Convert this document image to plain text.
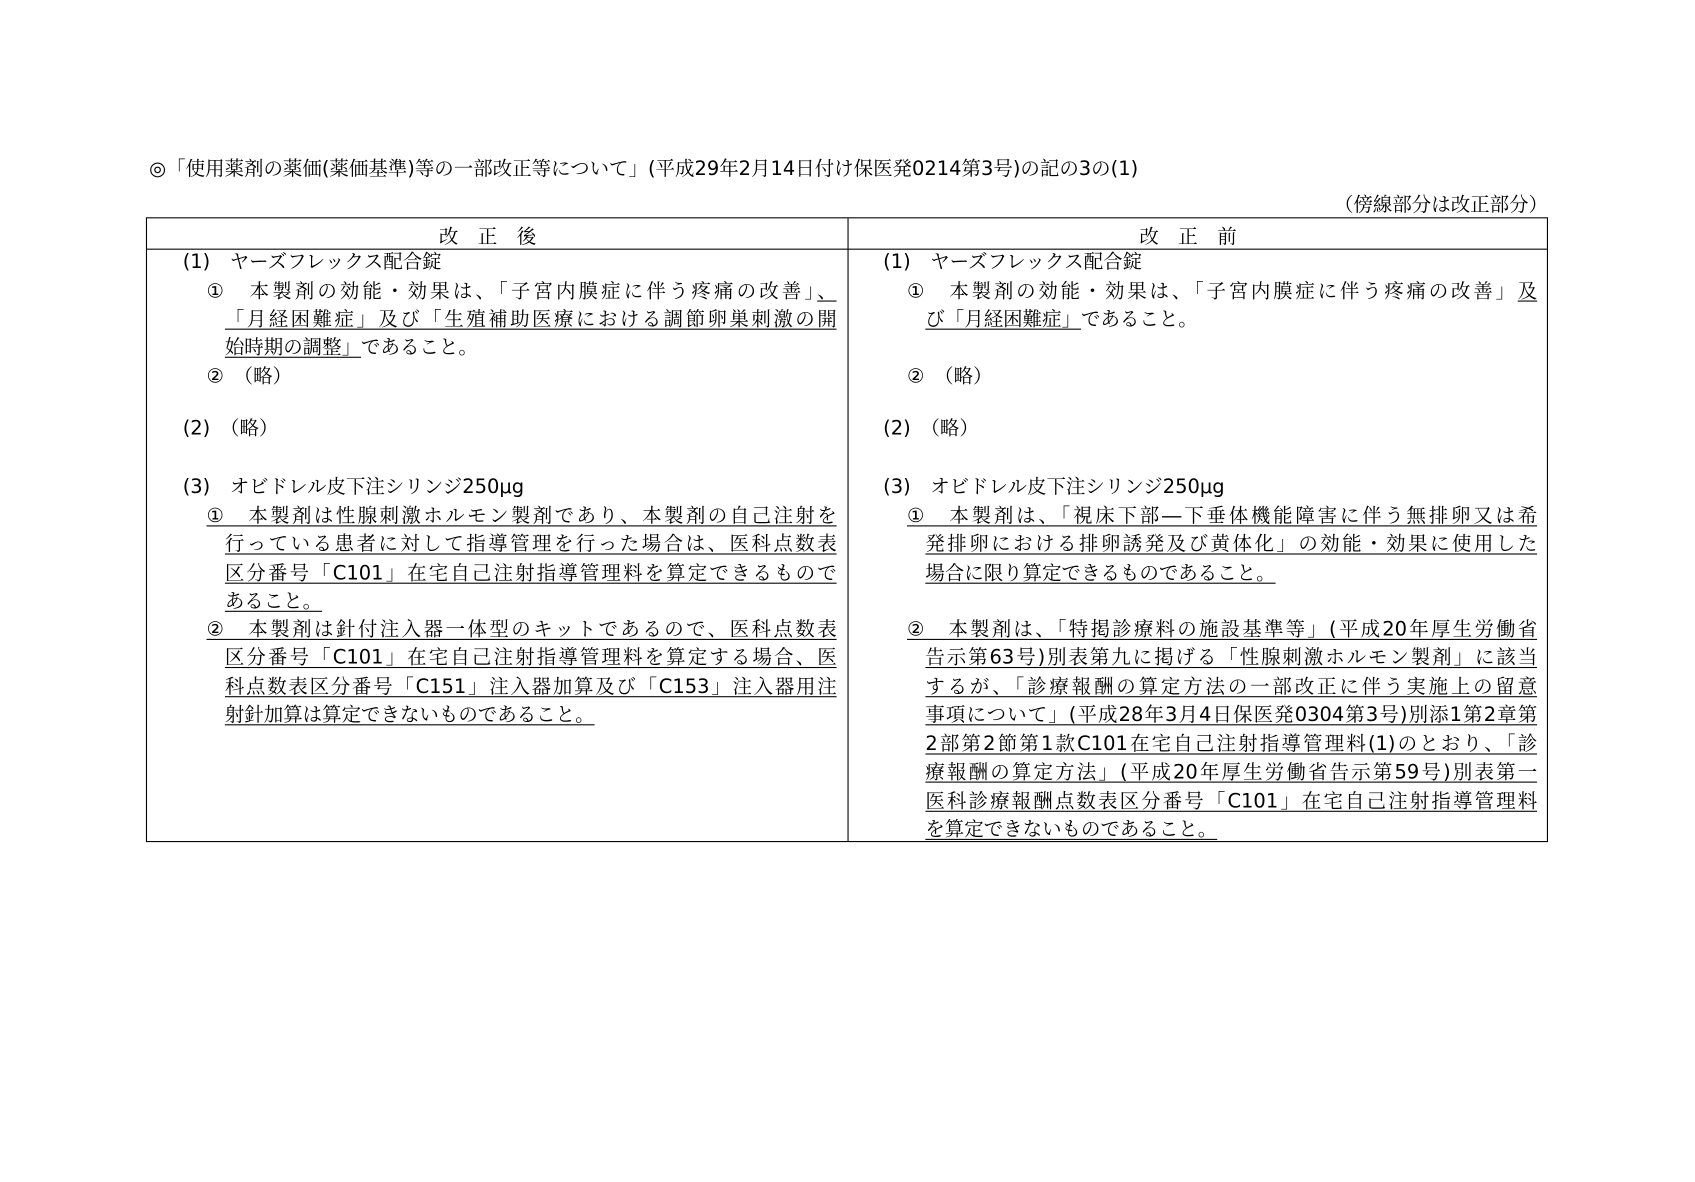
◎「使用薬剤の薬価(薬価基準)等の一部改正等について」(平成29年2月14日付け保医発0214第3号)の記の3の(1)
（傍線部分は改正部分）
改正後	改正前
(1)　ヤーズフレックス配合錠
①　本製剤の効能・効果は、「子宮内膜症に伴う疼痛の改善」、
「月経困難症」及び「生殖補助医療における調節卵巣刺激の開
始時期の調整」であること。
②　（略）
(2)　（略）
(3)　オビドレル皮下注シリンジ250μg
①　本製剤は性腺刺激ホルモン製剤であり、本製剤の自己注射を
行っている患者に対して指導管理を行った場合は、医科点数表
区分番号「C101」在宅自己注射指導管理料を算定できるもので
あること。
②　本製剤は針付注入器一体型のキットであるので、医科点数表
区分番号「C101」在宅自己注射指導管理料を算定する場合、医
科点数表区分番号「C151」注入器加算及び「C153」注入器用注
射針加算は算定できないものであること。
(1)　ヤーズフレックス配合錠
①　本製剤の効能・効果は、「子宮内膜症に伴う疼痛の改善」及
び「月経困難症」であること。
②　（略）
(2)　（略）
(3)　オビドレル皮下注シリンジ250μg
①　本製剤は、「視床下部―下垂体機能障害に伴う無排卵又は希
発排卵における排卵誘発及び黄体化」の効能・効果に使用した
場合に限り算定できるものであること。
②　本製剤は、「特掲診療料の施設基準等」(平成20年厚生労働省
告示第63号)別表第九に掲げる「性腺刺激ホルモン製剤」に該当
するが、「診療報酬の算定方法の一部改正に伴う実施上の留意
事項について」(平成28年3月4日保医発0304第3号)別添1第2章第
2部第2節第1款C101在宅自己注射指導管理料(1)のとおり、「診
療報酬の算定方法」(平成20年厚生労働省告示第59号)別表第一
医科診療報酬点数表区分番号「C101」在宅自己注射指導管理料
を算定できないものであること。
